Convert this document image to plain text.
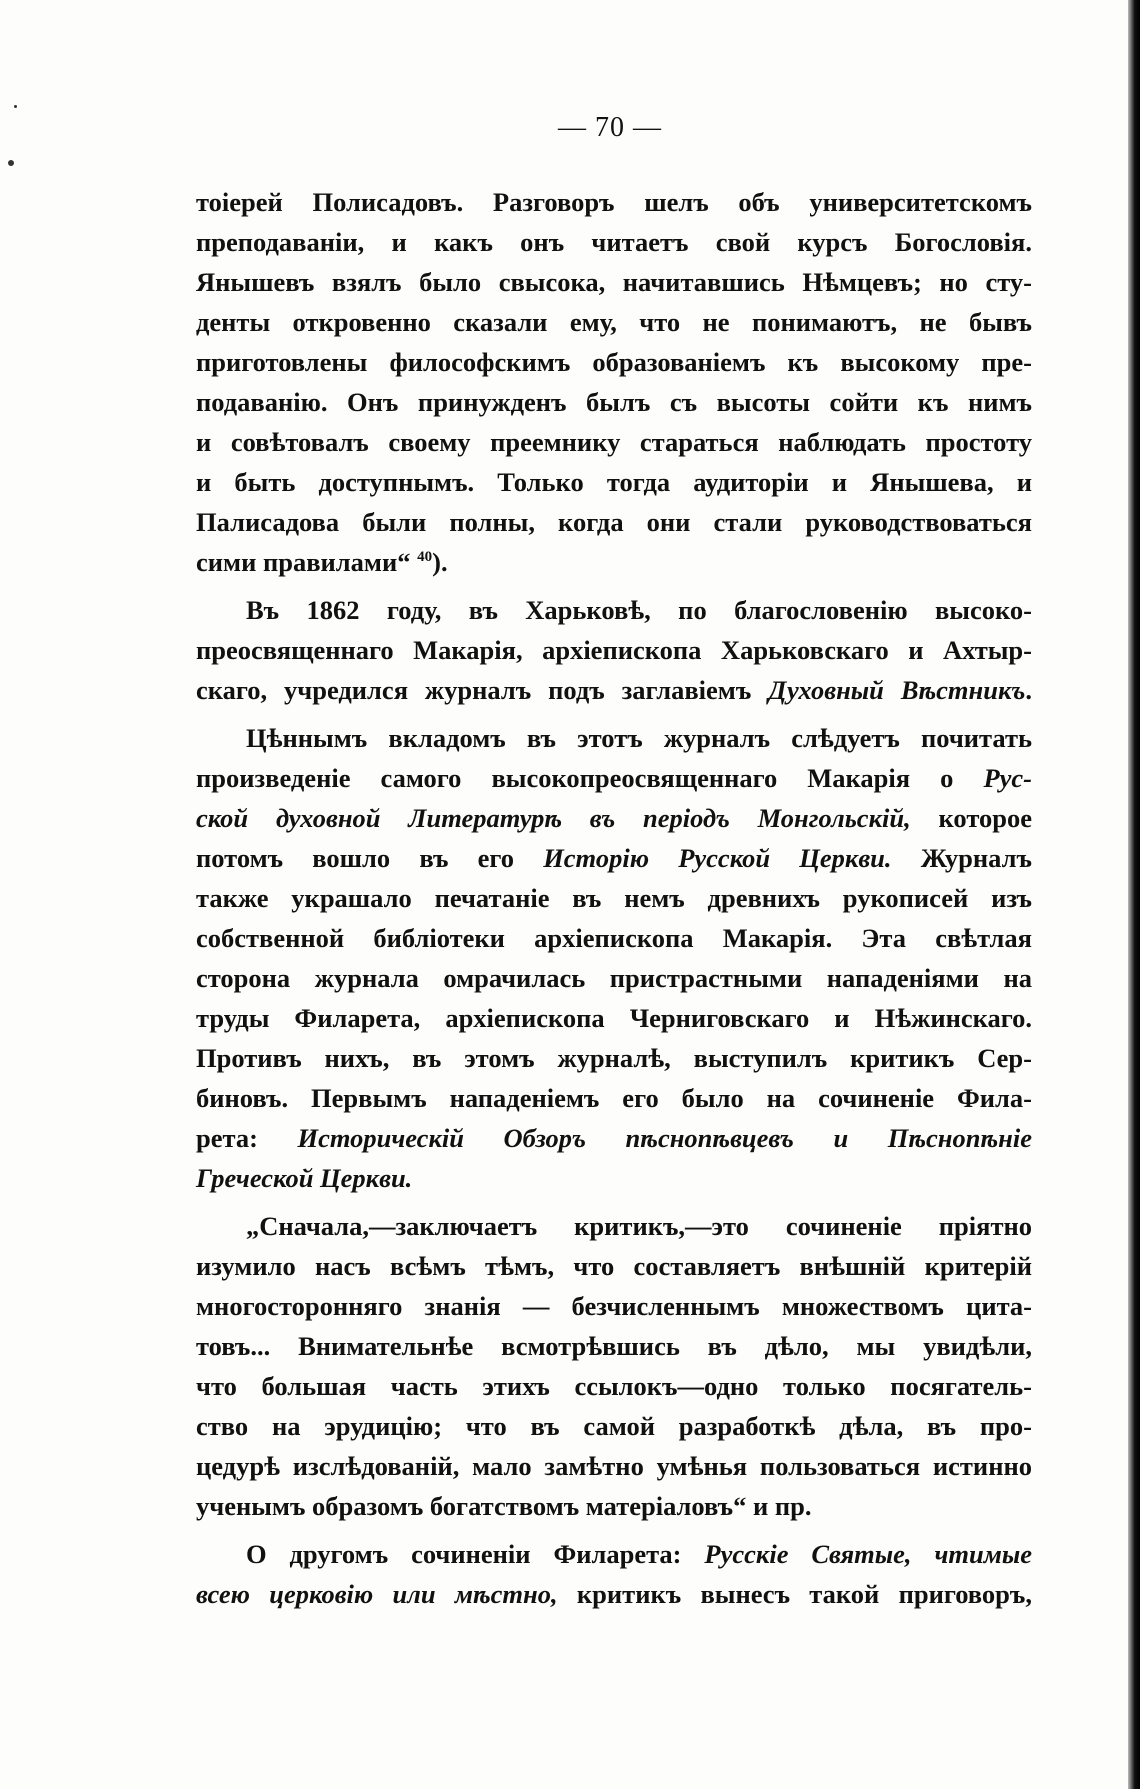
— 70 —
тоіерей Полисадовъ. Разговоръ шелъ объ университетскомъ
преподаваніи, и какъ онъ читаетъ свой курсъ Богословія.
Янышевъ взялъ было свысока, начитавшись Нѣмцевъ; но сту-
денты откровенно сказали ему, что не понимаютъ, не бывъ
приготовлены философскимъ образованіемъ къ высокому пре-
подаванію. Онъ принужденъ былъ съ высоты сойти къ нимъ
и совѣтовалъ своему преемнику стараться наблюдать простоту
и быть доступнымъ. Только тогда аудиторіи и Янышева, и
Палисадова были полны, когда они стали руководствоваться
сими правилами“ $^{40}$).
Въ 1862 году, въ Харьковѣ, по благословенію высоко-
преосвященнаго Макарія, архіепископа Харьковскаго и Ахтыр-
скаго, учредился журналъ подъ заглавіемъ Духовный Вѣстникъ.
Цѣннымъ вкладомъ въ этотъ журналъ слѣдуетъ почитать
произведеніе самого высокопреосвященнаго Макарія о Рус-
ской духовной Литературѣ въ періодъ Монгольскій, которое
потомъ вошло въ его Исторію Русской Церкви. Журналъ
также украшало печатаніе въ немъ древнихъ рукописей изъ
собственной библіотеки архіепископа Макарія. Эта свѣтлая
сторона журнала омрачилась пристрастными нападеніями на
труды Филарета, архіепископа Черниговскаго и Нѣжинскаго.
Противъ нихъ, въ этомъ журналѣ, выступилъ критикъ Сер-
биновъ. Первымъ нападеніемъ его было на сочиненіе Фила-
рета: Историческій Обзоръ пѣснопѣвцевъ и Пѣснопѣніе
Греческой Церкви.
„Сначала,—заключаетъ критикъ,—это сочиненіе пріятно
изумило насъ всѣмъ тѣмъ, что составляетъ внѣшній критерій
многосторонняго знанія — безчисленнымъ множествомъ цита-
товъ... Внимательнѣе всмотрѣвшись въ дѣло, мы увидѣли,
что большая часть этихъ ссылокъ—одно только посягатель-
ство на эрудицію; что въ самой разработкѣ дѣла, въ про-
цедурѣ изслѣдованій, мало замѣтно умѣнья пользоваться истинно
ученымъ образомъ богатствомъ матеріаловъ“ и пр.
О другомъ сочиненіи Филарета: Русскіе Святые, чтимые
всею церковію или мѣстно, критикъ вынесъ такой приговоръ,
